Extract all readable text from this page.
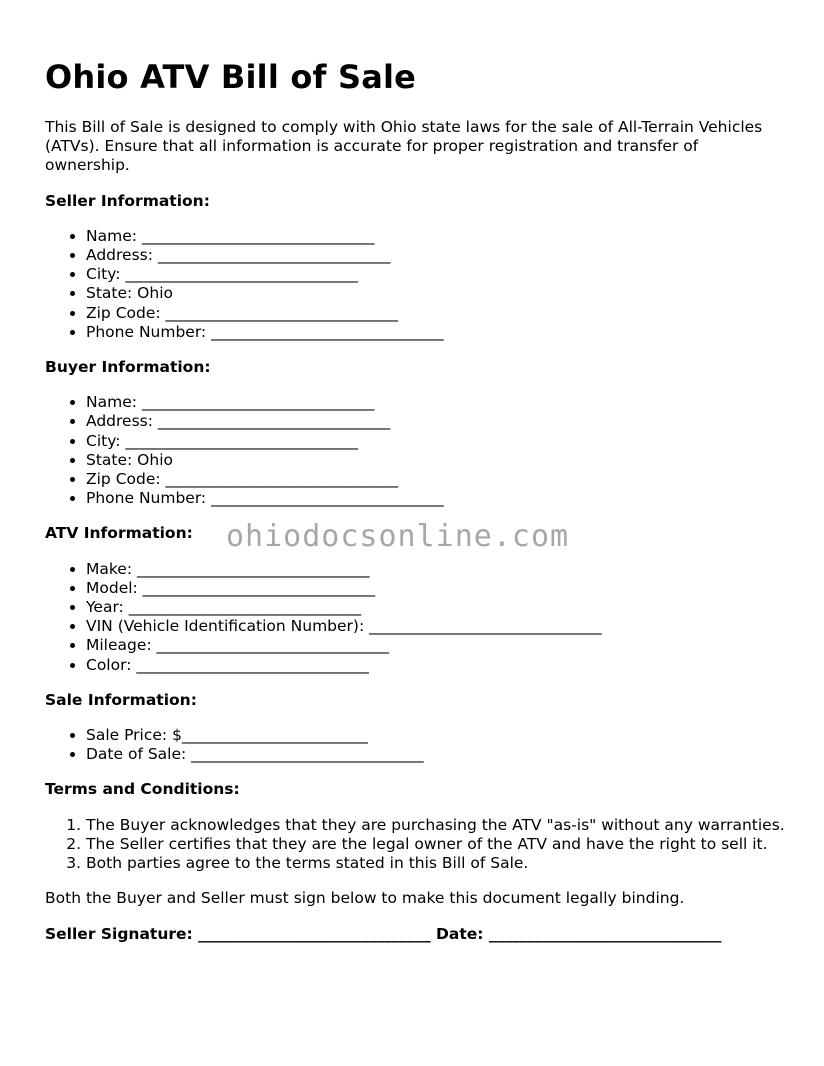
Ohio ATV Bill of Sale

This Bill of Sale is designed to comply with Ohio state laws for the sale of All-Terrain Vehicles (ATVs). Ensure that all information is accurate for proper registration and transfer of ownership.

Seller Information:
• Name: ______________________________
• Address: ______________________________
• City: ______________________________
• State: Ohio
• Zip Code: ______________________________
• Phone Number: ______________________________
Buyer Information:
• Name: ______________________________
• Address: ______________________________
• City: ______________________________
• State: Ohio
• Zip Code: ______________________________
• Phone Number: ______________________________
ATV Information:
• Make: ______________________________
• Model: ______________________________
• Year: ______________________________
• VIN (Vehicle Identification Number): ______________________________
• Mileage: ______________________________
• Color: ______________________________
Sale Information:
• Sale Price: $________________________
• Date of Sale: ______________________________
Terms and Conditions:
1. The Buyer acknowledges that they are purchasing the ATV "as-is" without any warranties.
2. The Seller certifies that they are the legal owner of the ATV and have the right to sell it.
3. Both parties agree to the terms stated in this Bill of Sale.

Both the Buyer and Seller must sign below to make this document legally binding.

Seller Signature: ______________________________ Date: ______________________________

ohiodocsonline.com
